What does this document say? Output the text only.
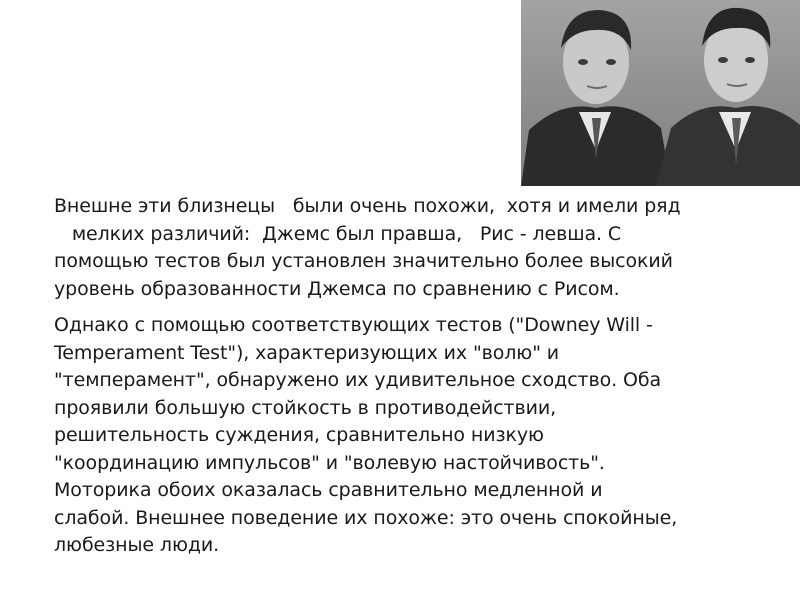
Внешне эти близнецы   были очень похожи,  хотя и имели ряд
мелких различий:  Джемс был правша,   Рис - левша. С
помощью тестов был установлен значительно более высокий
уровень образованности Джемса по сравнению с Рисом.
Однако с помощью соответствующих тестов ("Downey Will -
Temperament Test"), характеризующих их "волю" и
"темперамент", обнаружено их удивительное сходство. Оба
проявили большую стойкость в противодействии,
решительность суждения, сравнительно низкую
"координацию импульсов" и "волевую настойчивость".
Моторика обоих оказалась сравнительно медленной и
слабой. Внешнее поведение их похоже: это очень спокойные,
любезные люди.
